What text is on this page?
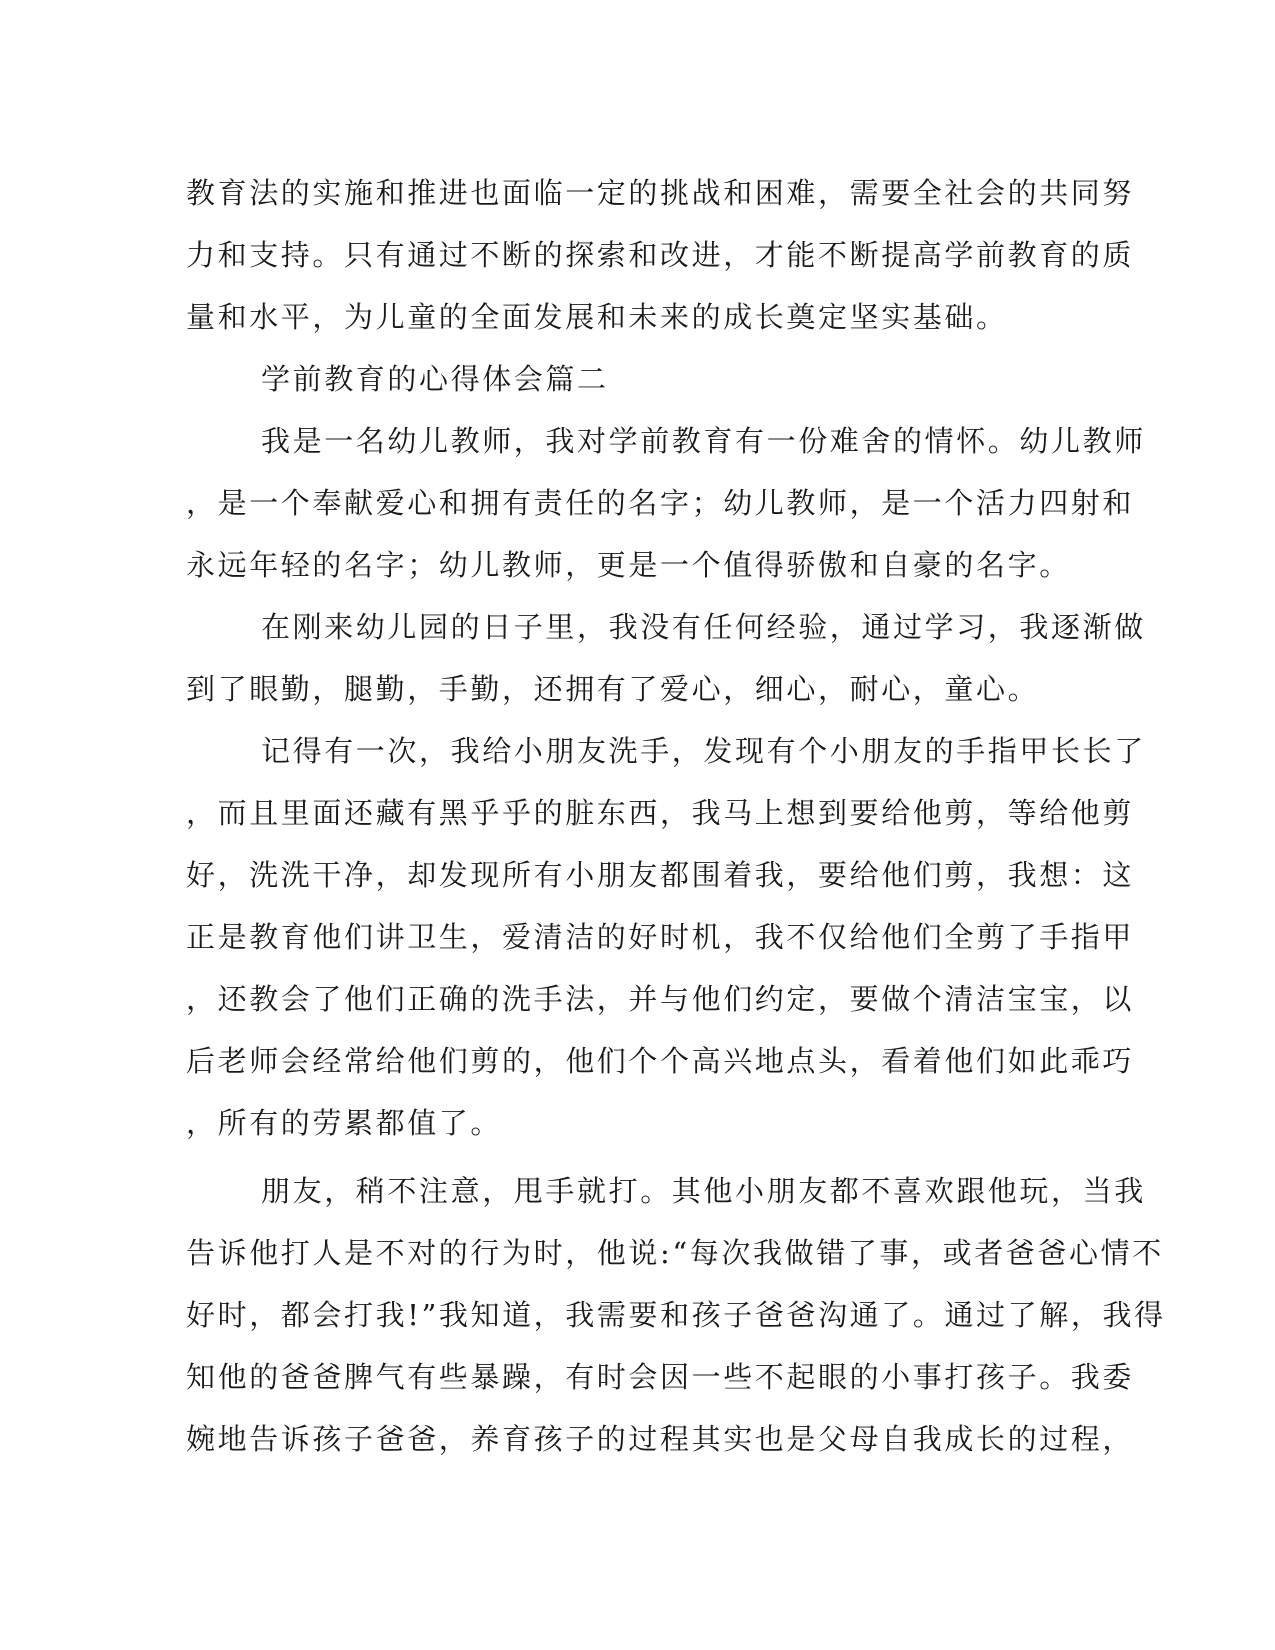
教育法的实施和推进也面临一定的挑战和困难，需要全社会的共同努
力和支持。只有通过不断的探索和改进，才能不断提高学前教育的质
量和水平，为儿童的全面发展和未来的成长奠定坚实基础。
学前教育的心得体会篇二
我是一名幼儿教师，我对学前教育有一份难舍的情怀。幼儿教师
，是一个奉献爱心和拥有责任的名字；幼儿教师，是一个活力四射和
永远年轻的名字；幼儿教师，更是一个值得骄傲和自豪的名字。
在刚来幼儿园的日子里，我没有任何经验，通过学习，我逐渐做
到了眼勤，腿勤，手勤，还拥有了爱心，细心，耐心，童心。
记得有一次，我给小朋友洗手，发现有个小朋友的手指甲长长了
，而且里面还藏有黑乎乎的脏东西，我马上想到要给他剪，等给他剪
好，洗洗干净，却发现所有小朋友都围着我，要给他们剪，我想：这
正是教育他们讲卫生，爱清洁的好时机，我不仅给他们全剪了手指甲
，还教会了他们正确的洗手法，并与他们约定，要做个清洁宝宝，以
后老师会经常给他们剪的，他们个个高兴地点头，看着他们如此乖巧
，所有的劳累都值了。
朋友，稍不注意，甩手就打。其他小朋友都不喜欢跟他玩，当我
告诉他打人是不对的行为时，他说:“每次我做错了事，或者爸爸心情不
好时，都会打我!”我知道，我需要和孩子爸爸沟通了。通过了解，我得
知他的爸爸脾气有些暴躁，有时会因一些不起眼的小事打孩子。我委
婉地告诉孩子爸爸，养育孩子的过程其实也是父母自我成长的过程，
